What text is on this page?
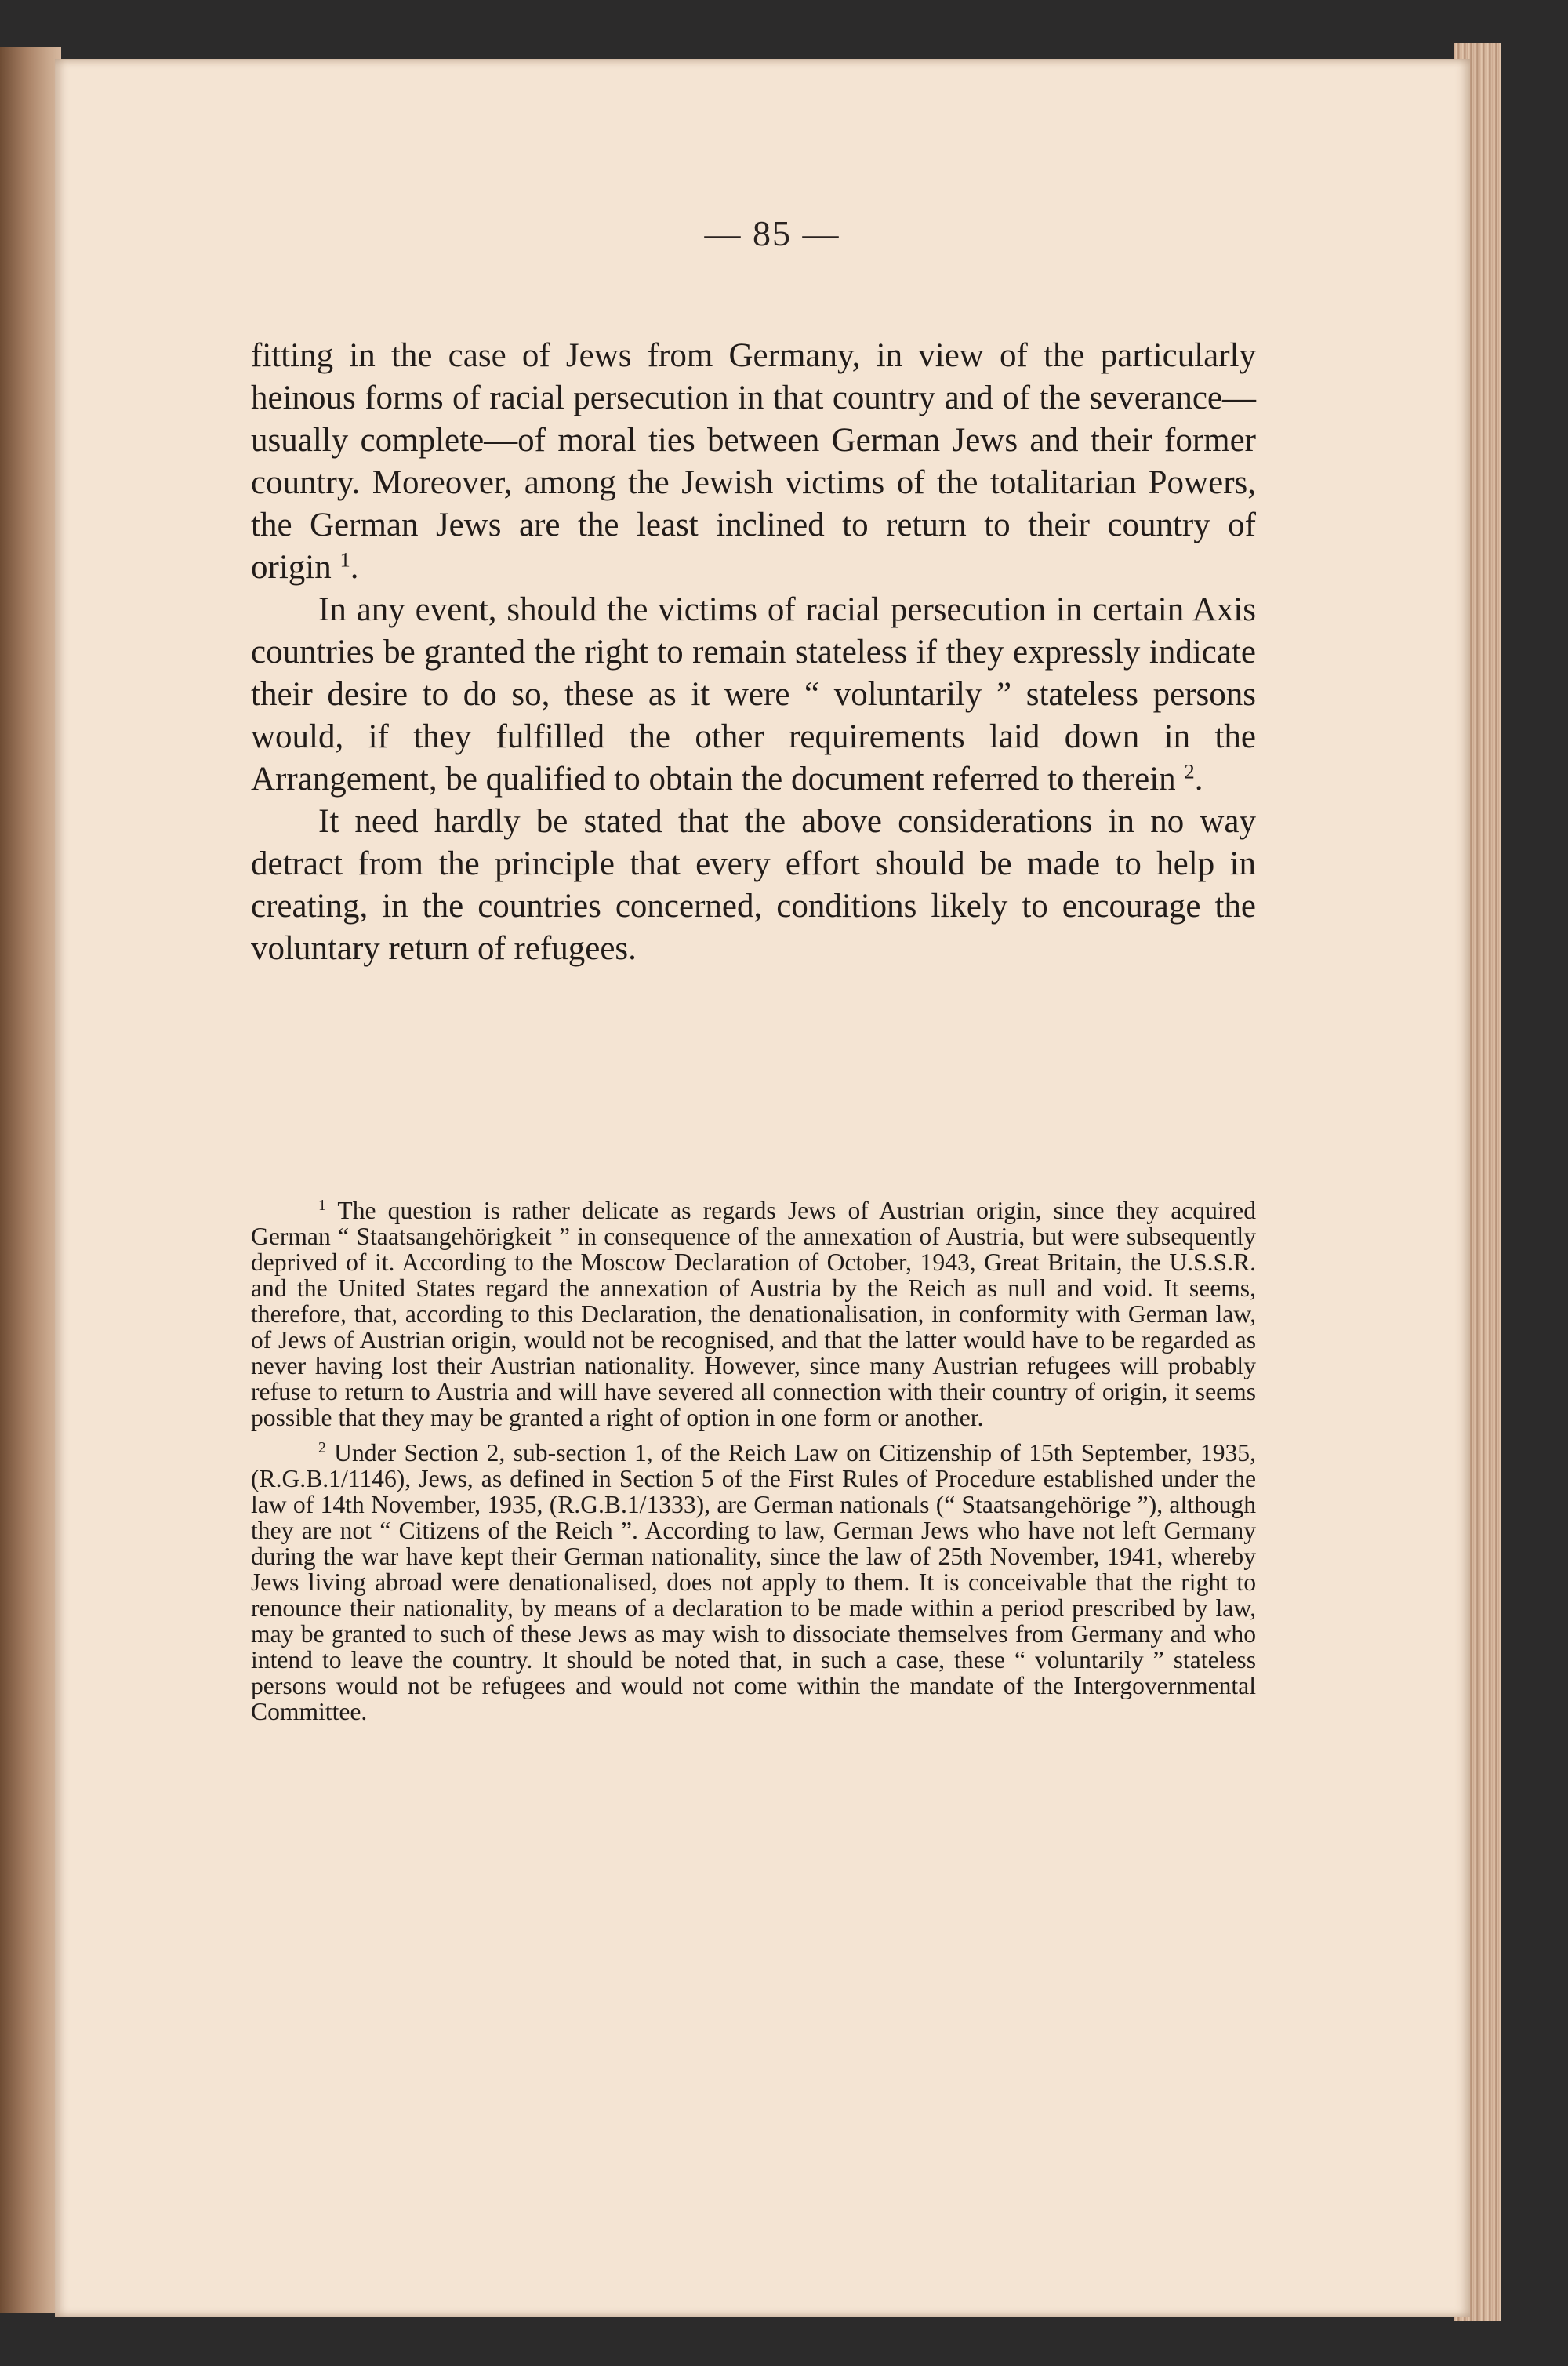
— 85 —

fitting in the case of Jews from Germany, in view of the particularly heinous forms of racial persecution in that country and of the severance—usually complete—of moral ties between German Jews and their former country. Moreover, among the Jewish victims of the totalitarian Powers, the German Jews are the least inclined to return to their country of origin $^1$.

In any event, should the victims of racial persecution in certain Axis countries be granted the right to remain stateless if they expressly indicate their desire to do so, these as it were “ voluntarily ” stateless persons would, if they fulfilled the other requirements laid down in the Arrangement, be qualified to obtain the document referred to therein $^2$.

It need hardly be stated that the above considerations in no way detract from the principle that every effort should be made to help in creating, in the countries concerned, conditions likely to encourage the voluntary return of refugees.

$^1$ The question is rather delicate as regards Jews of Austrian origin, since they acquired German “ Staatsangehörigkeit ” in consequence of the annexation of Austria, but were subsequently deprived of it. According to the Moscow Declaration of October, 1943, Great Britain, the U.S.S.R. and the United States regard the annexation of Austria by the Reich as null and void. It seems, therefore, that, according to this Declaration, the denationalisation, in conformity with German law, of Jews of Austrian origin, would not be recognised, and that the latter would have to be regarded as never having lost their Austrian nationality. However, since many Austrian refugees will probably refuse to return to Austria and will have severed all connection with their country of origin, it seems possible that they may be granted a right of option in one form or another.

$^2$ Under Section 2, sub-section 1, of the Reich Law on Citizenship of 15th September, 1935, (R.G.B.1/1146), Jews, as defined in Section 5 of the First Rules of Procedure established under the law of 14th November, 1935, (R.G.B.1/1333), are German nationals (“ Staatsangehörige ”), although they are not “ Citizens of the Reich ”. According to law, German Jews who have not left Germany during the war have kept their German nationality, since the law of 25th November, 1941, whereby Jews living abroad were denationalised, does not apply to them. It is conceivable that the right to renounce their nationality, by means of a declaration to be made within a period prescribed by law, may be granted to such of these Jews as may wish to dissociate themselves from Germany and who intend to leave the country. It should be noted that, in such a case, these “ voluntarily ” stateless persons would not be refugees and would not come within the mandate of the Intergovernmental Committee.
